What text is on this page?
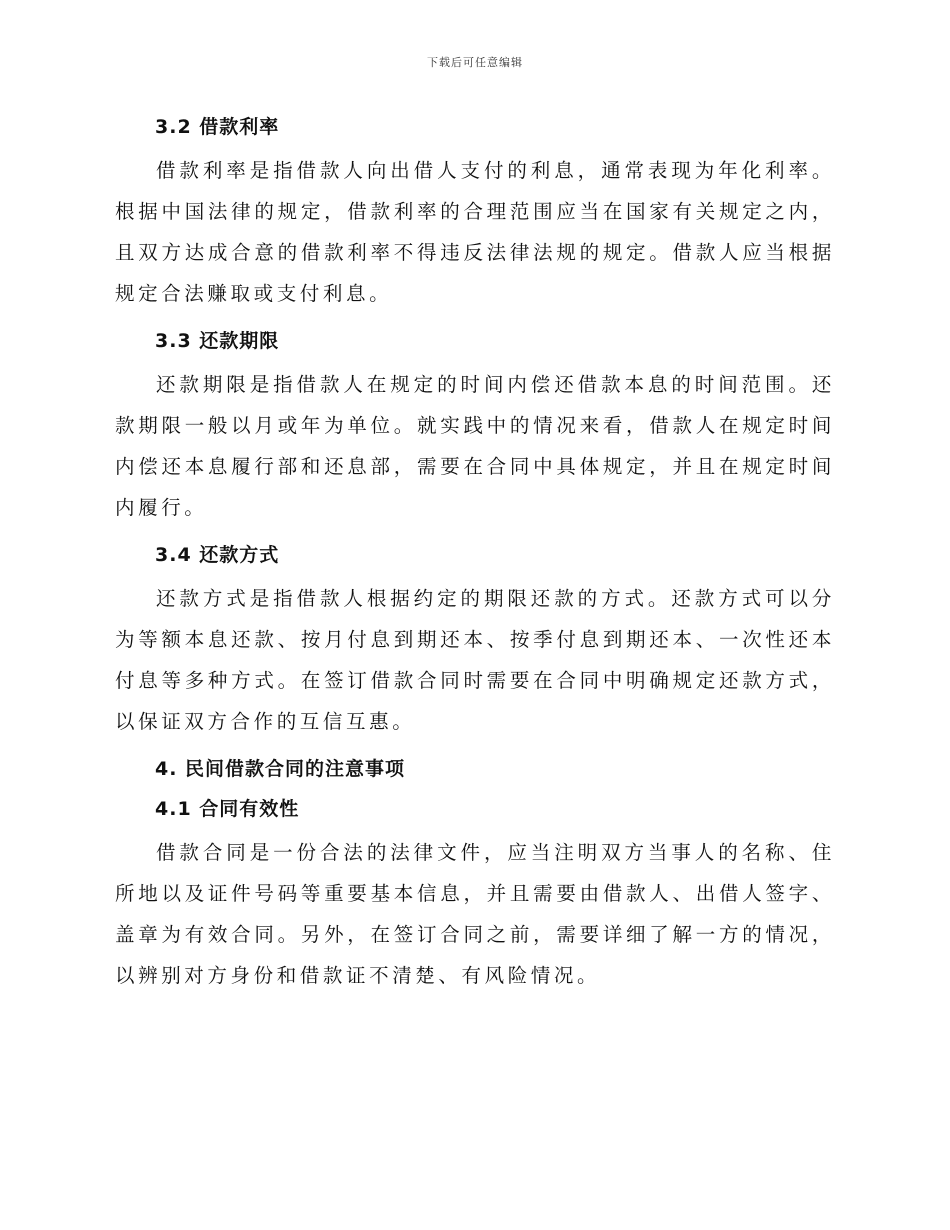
下载后可任意编辑
3.2 借款利率

借款利率是指借款人向出借人支付的利息，通常表现为年化利率。根据中国法律的规定，借款利率的合理范围应当在国家有关规定之内，且双方达成合意的借款利率不得违反法律法规的规定。借款人应当根据规定合法赚取或支付利息。

3.3 还款期限

还款期限是指借款人在规定的时间内偿还借款本息的时间范围。还款期限一般以月或年为单位。就实践中的情况来看，借款人在规定时间内偿还本息履行部和还息部，需要在合同中具体规定，并且在规定时间内履行。

3.4 还款方式

还款方式是指借款人根据约定的期限还款的方式。还款方式可以分为等额本息还款、按月付息到期还本、按季付息到期还本、一次性还本付息等多种方式。在签订借款合同时需要在合同中明确规定还款方式，以保证双方合作的互信互惠。

4. 民间借款合同的注意事项
4.1 合同有效性

借款合同是一份合法的法律文件，应当注明双方当事人的名称、住所地以及证件号码等重要基本信息，并且需要由借款人、出借人签字、盖章为有效合同。另外，在签订合同之前，需要详细了解一方的情况，以辨别对方身份和借款证不清楚、有风险情况。
